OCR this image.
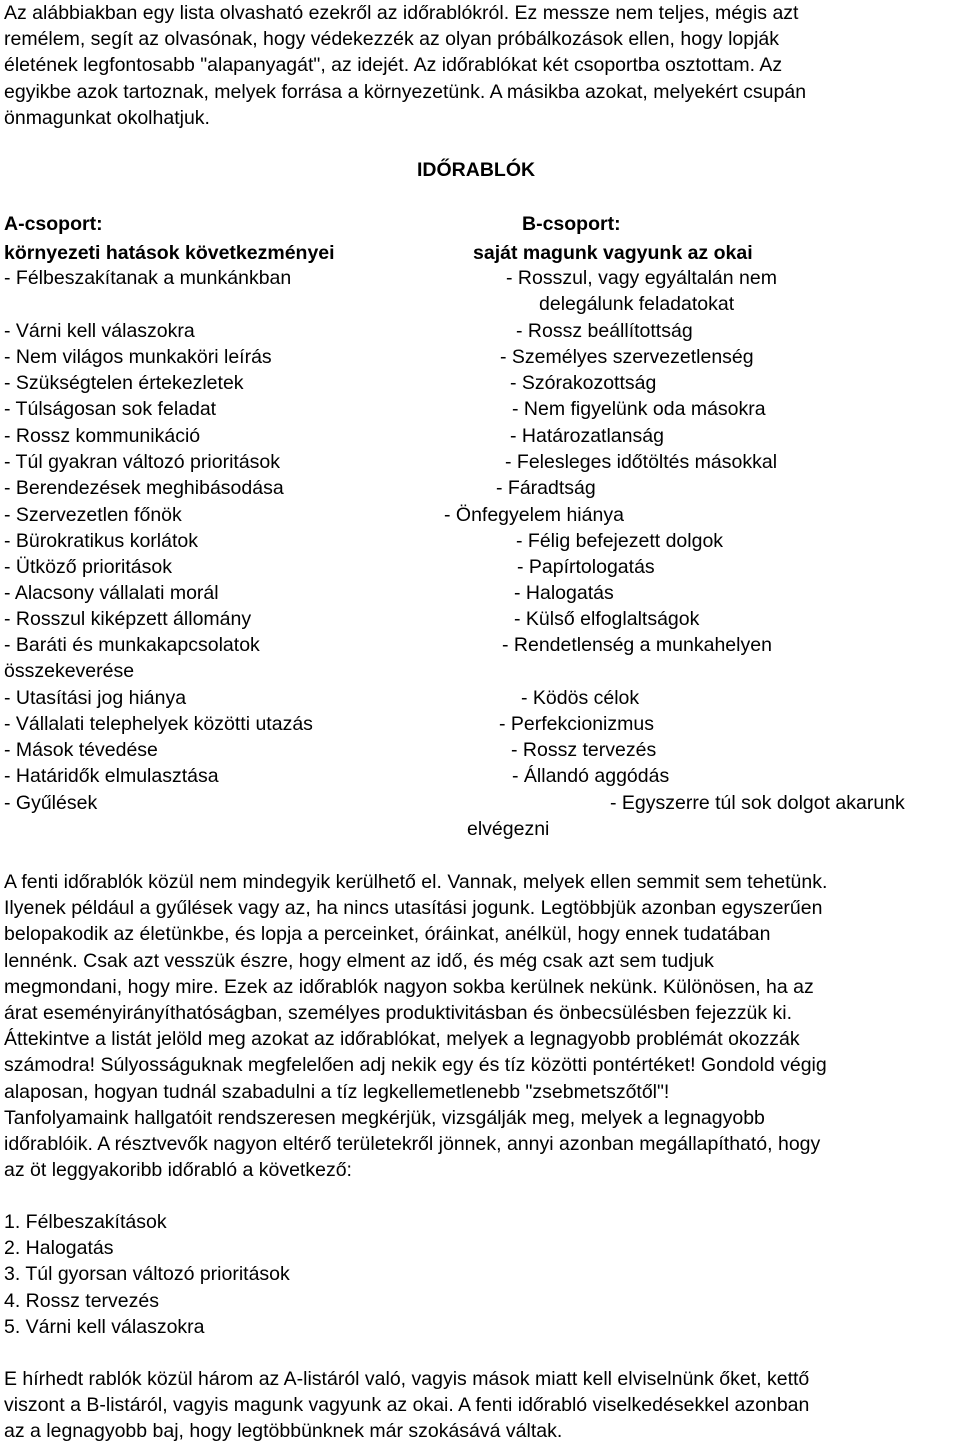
Az alábbiakban egy lista olvasható ezekről az időrablókról. Ez messze nem teljes, mégis azt
remélem, segít az olvasónak, hogy védekezzék az olyan próbálkozások ellen, hogy lopják
életének legfontosabb "alapanyagát", az idejét. Az időrablókat két csoportba osztottam. Az
egyikbe azok tartoznak, melyek forrása a környezetünk. A másikba azokat, melyekért csupán
önmagunkat okolhatjuk.
IDŐRABLÓK
A-csoport:	B-csoport:
környezeti hatások következményei	saját magunk vagyunk az okai
- Félbeszakítanak a munkánkban
- Várni kell válaszokra
- Nem világos munkaköri leírás
- Szükségtelen értekezletek
- Túlságosan sok feladat
- Rossz kommunikáció
- Túl gyakran változó prioritások
- Berendezések meghibásodása
- Szervezetlen főnök
- Bürokratikus korlátok
- Ütköző prioritások
- Alacsony vállalati morál
- Rosszul kiképzett állomány
- Baráti és munkakapcsolatok
összekeverése
- Utasítási jog hiánya
- Vállalati telephelyek közötti utazás
- Mások tévedése
- Határidők elmulasztása
- Gyűlések
- Rosszul, vagy egyáltalán nem
delegálunk feladatokat
- Rossz beállítottság
- Személyes szervezetlenség
- Szórakozottság
- Nem figyelünk oda másokra
- Határozatlanság
- Felesleges időtöltés másokkal
- Fáradtság
- Önfegyelem hiánya
- Félig befejezett dolgok
- Papírtologatás
- Halogatás
- Külső elfoglaltságok
- Rendetlenség a munkahelyen
- Ködös célok
- Perfekcionizmus
- Rossz tervezés
- Állandó aggódás
- Egyszerre túl sok dolgot akarunk
elvégezni
A fenti időrablók közül nem mindegyik kerülhető el. Vannak, melyek ellen semmit sem tehetünk.
Ilyenek például a gyűlések vagy az, ha nincs utasítási jogunk. Legtöbbjük azonban egyszerűen
belopakodik az életünkbe, és lopja a perceinket, óráinkat, anélkül, hogy ennek tudatában
lennénk. Csak azt vesszük észre, hogy elment az idő, és még csak azt sem tudjuk
megmondani, hogy mire. Ezek az időrablók nagyon sokba kerülnek nekünk. Különösen, ha az
árat eseményirányíthatóságban, személyes produktivitásban és önbecsülésben fejezzük ki.
Áttekintve a listát jelöld meg azokat az időrablókat, melyek a legnagyobb problémát okozzák
számodra! Súlyosságuknak megfelelően adj nekik egy és tíz közötti pontértéket! Gondold végig
alaposan, hogyan tudnál szabadulni a tíz legkellemetlenebb "zsebmetszőtől"!
Tanfolyamaink hallgatóit rendszeresen megkérjük, vizsgálják meg, melyek a legnagyobb
időrablóik. A résztvevők nagyon eltérő területekről jönnek, annyi azonban megállapítható, hogy
az öt leggyakoribb időrabló a következő:
1. Félbeszakítások
2. Halogatás
3. Túl gyorsan változó prioritások
4. Rossz tervezés
5. Várni kell válaszokra
E hírhedt rablók közül három az A-listáról való, vagyis mások miatt kell elviselnünk őket, kettő
viszont a B-listáról, vagyis magunk vagyunk az okai. A fenti időrabló viselkedésekkel azonban
az a legnagyobb baj, hogy legtöbbünknek már szokásává váltak.
